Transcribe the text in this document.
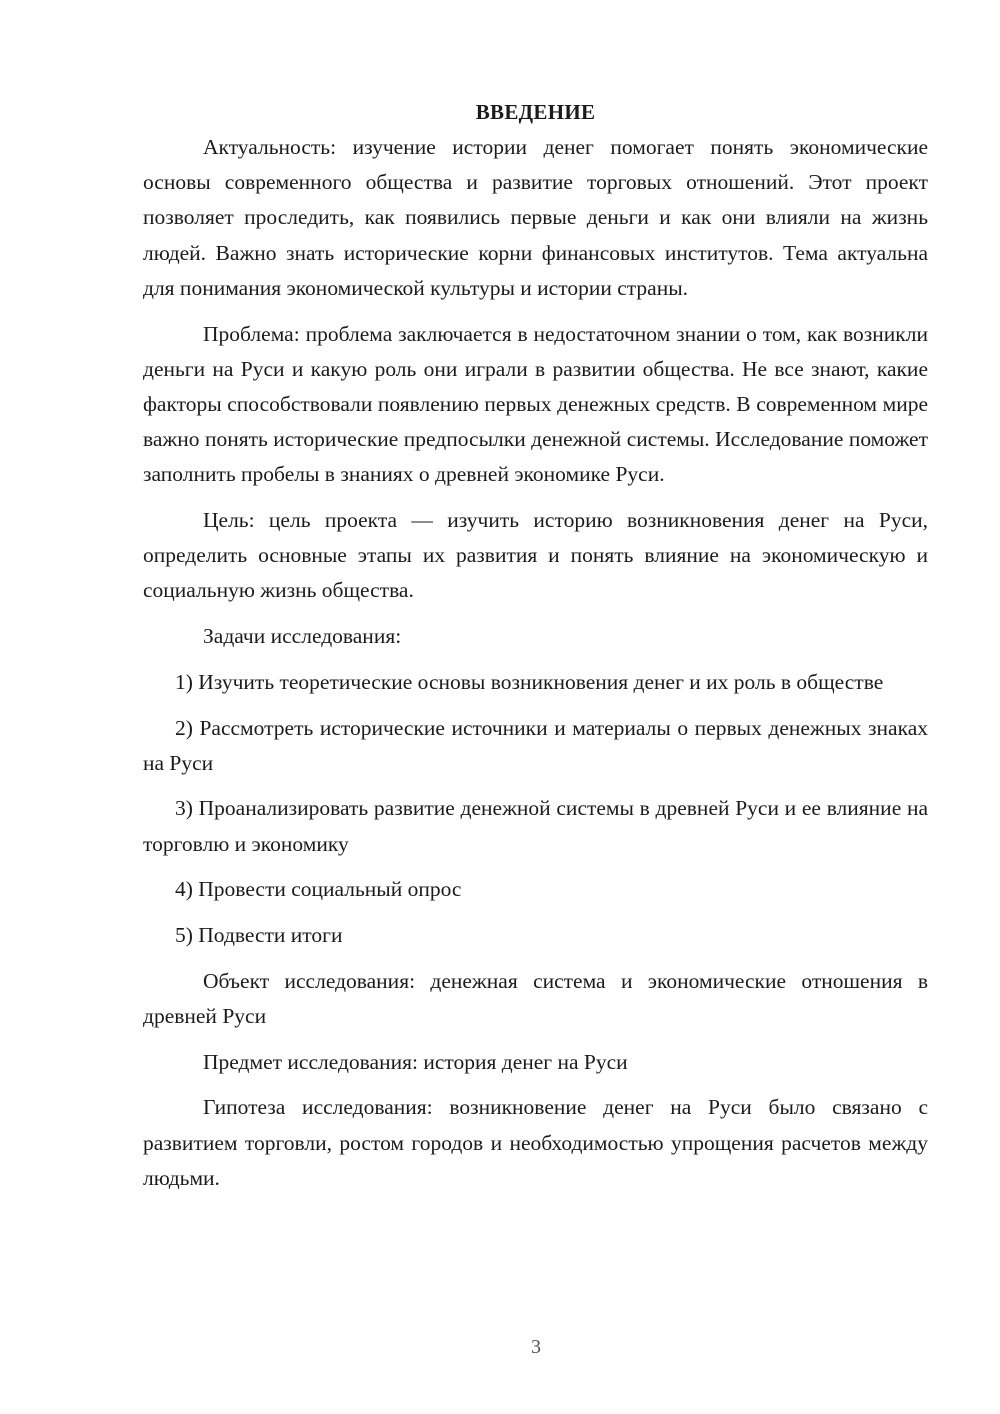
ВВЕДЕНИЕ

Актуальность: изучение истории денег помогает понять экономические основы современного общества и развитие торговых отношений. Этот проект позволяет проследить, как появились первые деньги и как они влияли на жизнь людей. Важно знать исторические корни финансовых институтов. Тема актуальна для понимания экономической культуры и истории страны.

Проблема: проблема заключается в недостаточном знании о том, как возникли деньги на Руси и какую роль они играли в развитии общества. Не все знают, какие факторы способствовали появлению первых денежных средств. В современном мире важно понять исторические предпосылки денежной системы. Исследование поможет заполнить пробелы в знаниях о древней экономике Руси.

Цель: цель проекта — изучить историю возникновения денег на Руси, определить основные этапы их развития и понять влияние на экономическую и социальную жизнь общества.

Задачи исследования:

1) Изучить теоретические основы возникновения денег и их роль в обществе

2) Рассмотреть исторические источники и материалы о первых денежных знаках на Руси

3) Проанализировать развитие денежной системы в древней Руси и ее влияние на торговлю и экономику

4) Провести социальный опрос

5) Подвести итоги

Объект исследования: денежная система и экономические отношения в древней Руси

Предмет исследования: история денег на Руси

Гипотеза исследования: возникновение денег на Руси было связано с развитием торговли, ростом городов и необходимостью упрощения расчетов между людьми.

3
